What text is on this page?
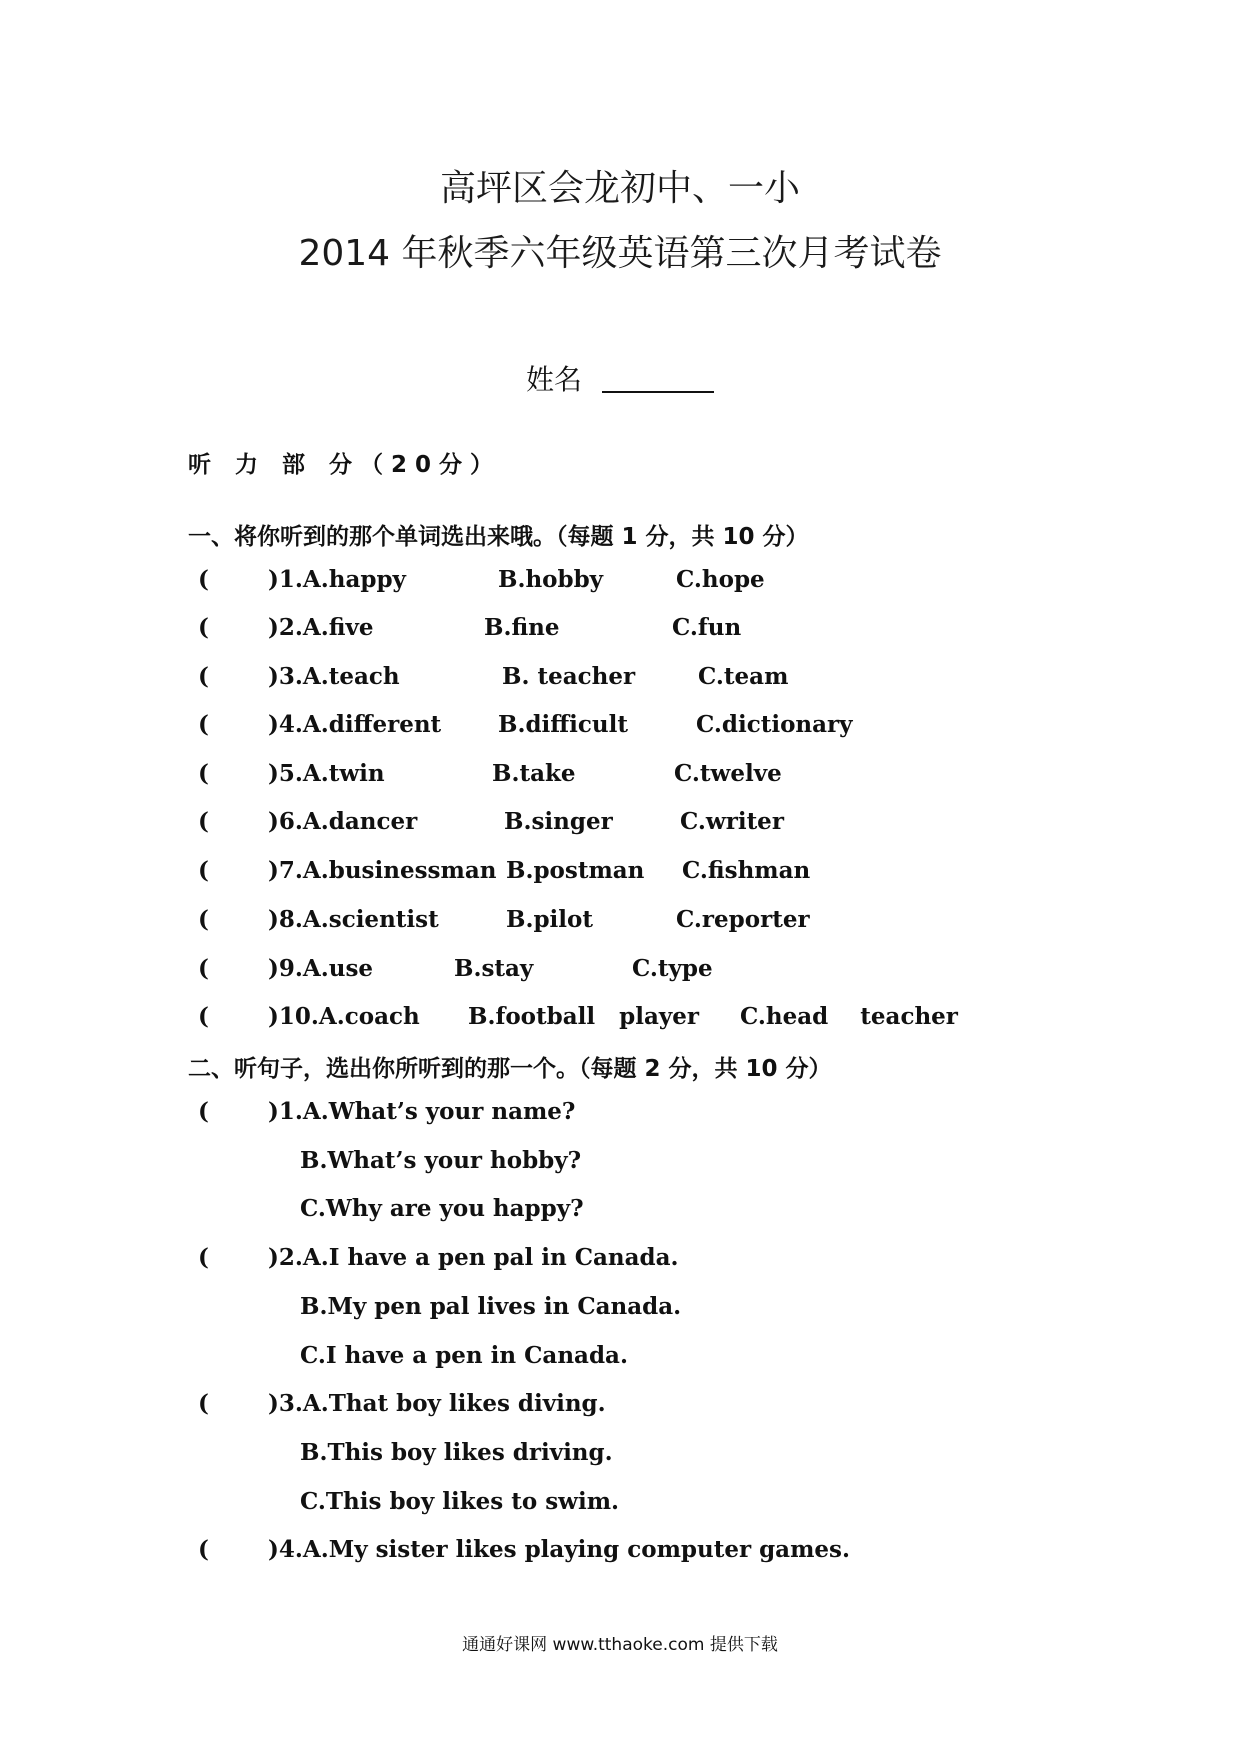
高坪区会龙初中、一小
2014 年秋季六年级英语第三次月考试卷
姓名
听 力 部 分（20分）
一、将你听到的那个单词选出来哦。（每题 1 分，共 10 分）
(	)1.A.happy	B.hobby	C.hope
(	)2.A.five	B.fine	C.fun
(	)3.A.teach	B. teacher	C.team
(	)4.A.different B.difficult	C.dictionary
(	)5.A.twin	B.take	C.twelve
(	)6.A.dancer	B.singer	C.writer
(	)7.A.businessman B.postman C.fishman
(	)8.A.scientist	B.pilot	C.reporter
(	)9.A.use	B.stay	C.type
(	)10.A.coach B.football   player C.head    teacher
二、听句子，选出你所听到的那一个。（每题 2 分，共 10 分）
(	)1.A.What’s your name?
B.What’s your hobby?
C.Why are you happy?
(	)2.A.I have a pen pal in Canada.
B.My pen pal lives in Canada.
C.I have a pen in Canada.
(	)3.A.That boy likes diving.
B.This boy likes driving.
C.This boy likes to swim.
(	)4.A.My sister likes playing computer games.
通通好课网 www.tthaoke.com 提供下载
